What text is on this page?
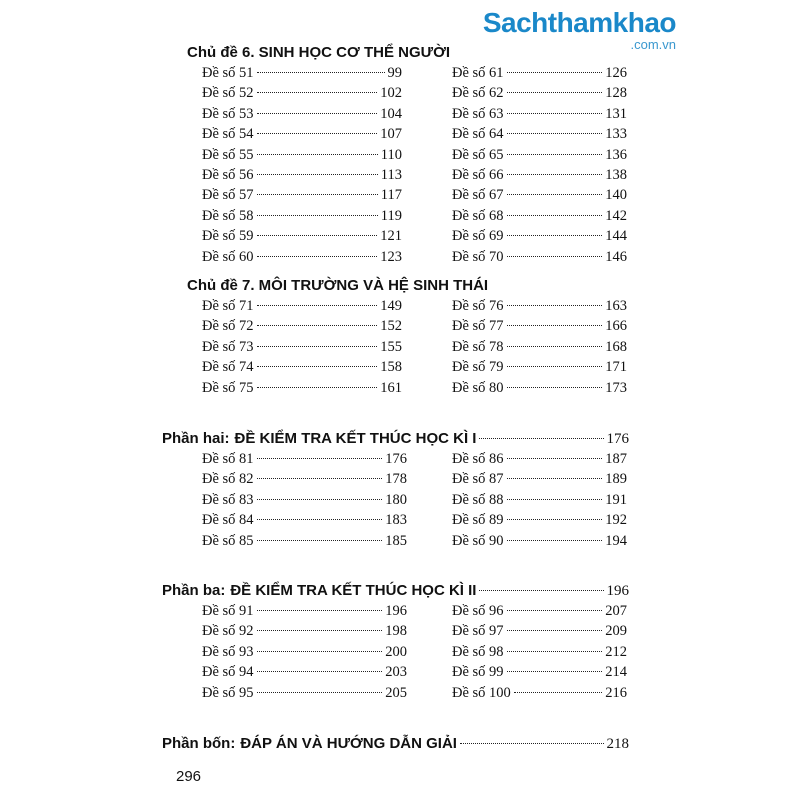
Sachthamkhao
.com.vn
Chủ đề 6. SINH HỌC CƠ THỂ NGƯỜI
Đề số 51	99
Đề số 52	102
Đề số 53	104
Đề số 54	107
Đề số 55	110
Đề số 56	113
Đề số 57	117
Đề số 58	119
Đề số 59	121
Đề số 60	123
Đề số 61	126
Đề số 62	128
Đề số 63	131
Đề số 64	133
Đề số 65	136
Đề số 66	138
Đề số 67	140
Đề số 68	142
Đề số 69	144
Đề số 70	146
Chủ đề 7. MÔI TRƯỜNG VÀ HỆ SINH THÁI
Đề số 71	149
Đề số 72	152
Đề số 73	155
Đề số 74	158
Đề số 75	161
Đề số 76	163
Đề số 77	166
Đề số 78	168
Đề số 79	171
Đề số 80	173
Phần hai: ĐỀ KIỂM TRA KẾT THÚC HỌC KÌ I	176
Đề số 81	176
Đề số 82	178
Đề số 83	180
Đề số 84	183
Đề số 85	185
Đề số 86	187
Đề số 87	189
Đề số 88	191
Đề số 89	192
Đề số 90	194
Phần ba: ĐỀ KIỂM TRA KẾT THÚC HỌC KÌ II	196
Đề số 91	196
Đề số 92	198
Đề số 93	200
Đề số 94	203
Đề số 95	205
Đề số 96	207
Đề số 97	209
Đề số 98	212
Đề số 99	214
Đề số 100	216
Phần bốn: ĐÁP ÁN VÀ HƯỚNG DẪN GIẢI	218
296
